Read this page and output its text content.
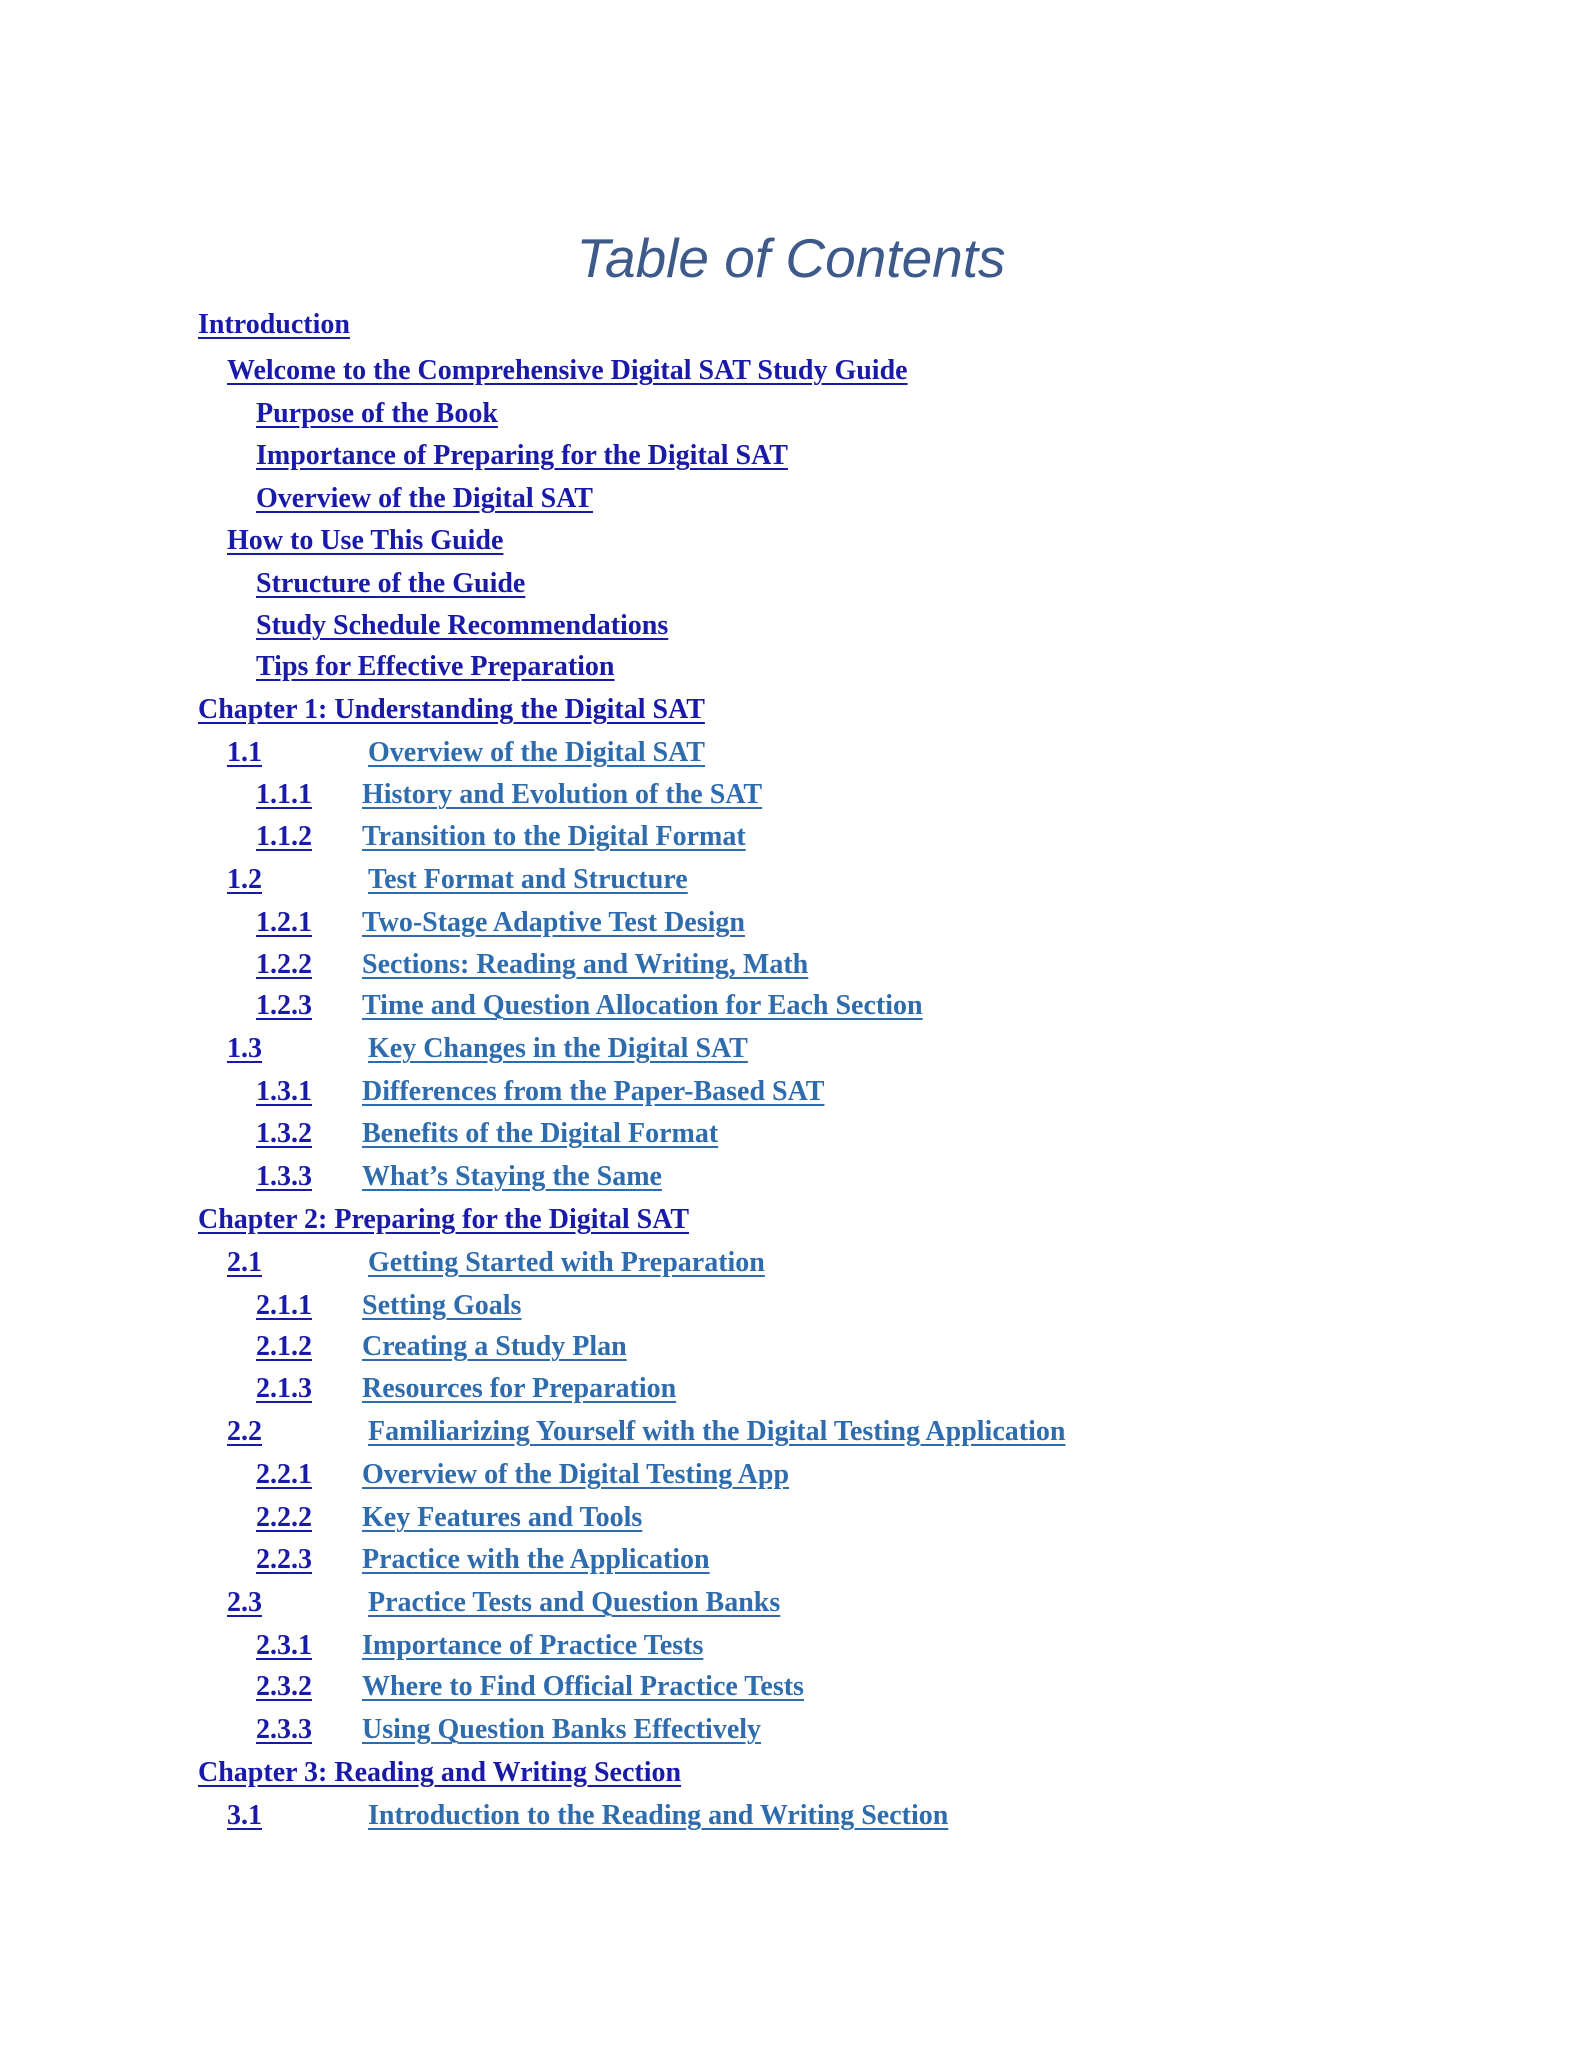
Table of Contents
Introduction
Welcome to the Comprehensive Digital SAT Study Guide
Purpose of the Book
Importance of Preparing for the Digital SAT
Overview of the Digital SAT
How to Use This Guide
Structure of the Guide
Study Schedule Recommendations
Tips for Effective Preparation
Chapter 1: Understanding the Digital SAT
1.1	Overview of the Digital SAT
1.1.1 History and Evolution of the SAT
1.1.2 Transition to the Digital Format
1.2	Test Format and Structure
1.2.1 Two-Stage Adaptive Test Design
1.2.2 Sections: Reading and Writing, Math
1.2.3 Time and Question Allocation for Each Section
1.3	Key Changes in the Digital SAT
1.3.1 Differences from the Paper-Based SAT
1.3.2 Benefits of the Digital Format
1.3.3 What’s Staying the Same
Chapter 2: Preparing for the Digital SAT
2.1	Getting Started with Preparation
2.1.1 Setting Goals
2.1.2 Creating a Study Plan
2.1.3 Resources for Preparation
2.2	Familiarizing Yourself with the Digital Testing Application
2.2.1 Overview of the Digital Testing App
2.2.2 Key Features and Tools
2.2.3 Practice with the Application
2.3	Practice Tests and Question Banks
2.3.1 Importance of Practice Tests
2.3.2 Where to Find Official Practice Tests
2.3.3 Using Question Banks Effectively
Chapter 3: Reading and Writing Section
3.1	Introduction to the Reading and Writing Section
